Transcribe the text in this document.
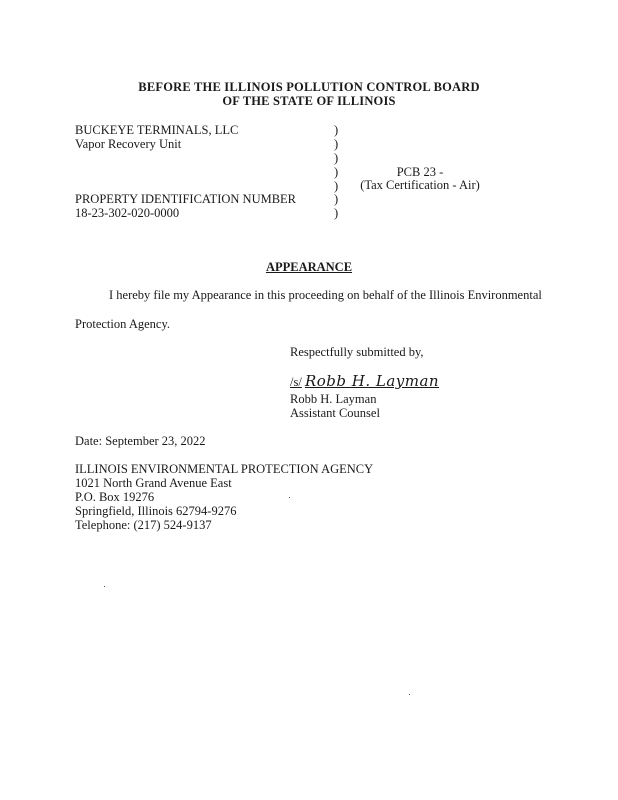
BEFORE THE ILLINOIS POLLUTION CONTROL BOARD
OF THE STATE OF ILLINOIS
BUCKEYE TERMINALS, LLC
Vapor Recovery Unit
PROPERTY IDENTIFICATION NUMBER
18-23-302-020-0000
)
)
)
)
)
)
)
PCB 23 -
(Tax Certification - Air)
APPEARANCE
I hereby file my Appearance in this proceeding on behalf of the Illinois Environmental
Protection Agency.
Respectfully submitted by,
/s/ Robb H. Layman
Robb H. Layman
Assistant Counsel
Date: September 23, 2022
ILLINOIS ENVIRONMENTAL PROTECTION AGENCY
1021 North Grand Avenue East
P.O. Box 19276
Springfield, Illinois 62794-9276
Telephone: (217) 524-9137
